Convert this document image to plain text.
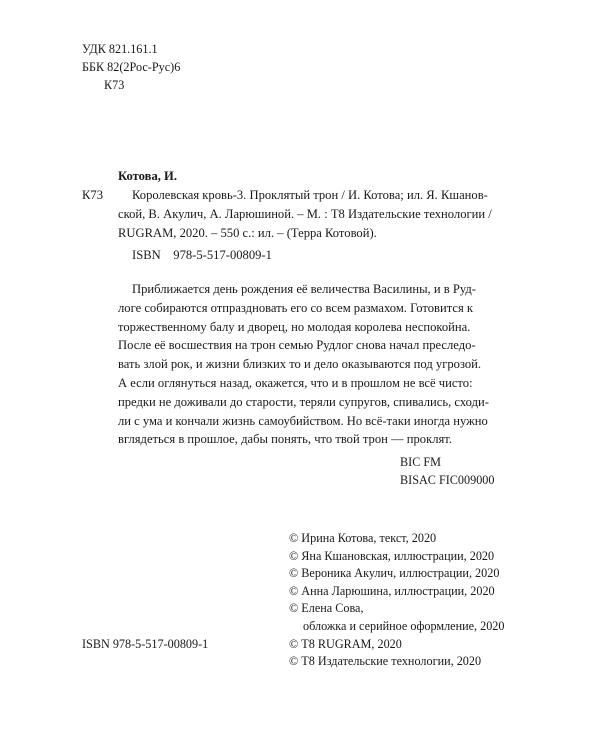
УДК 821.161.1
ББК 82(2Рос-Рус)6
К73
Котова, И.
К73 Королевская кровь-3. Проклятый трон / И. Котова; ил. Я. Кшанов-
ской, В. Акулич, А. Ларюшиной. – М. : Т8 Издательские технологии /
RUGRAM, 2020. – 550 с.: ил. – (Терра Котовой).
ISBN    978-5-517-00809-1
Приближается день рождения её величества Василины, и в Руд-
логе собираются отпраздновать его со всем размахом. Готовится к
торжественному балу и дворец, но молодая королева неспокойна.
После её восшествия на трон семью Рудлог снова начал преследо-
вать злой рок, и жизни близких то и дело оказываются под угрозой.
А если оглянуться назад, окажется, что и в прошлом не всё чисто:
предки не доживали до старости, теряли супругов, спивались, сходи-
ли с ума и кончали жизнь самоубийством. Но всё-таки иногда нужно
вглядеться в прошлое, дабы понять, что твой трон — проклят.
BIC FM
BISAC FIC009000
© Ирина Котова, текст, 2020
© Яна Кшановская, иллюстрации, 2020
© Вероника Акулич, иллюстрации, 2020
© Анна Ларюшина, иллюстрации, 2020
© Елена Сова,
обложка и серийное оформление, 2020
© Т8 RUGRAM, 2020
© Т8 Издательские технологии, 2020
ISBN 978-5-517-00809-1
